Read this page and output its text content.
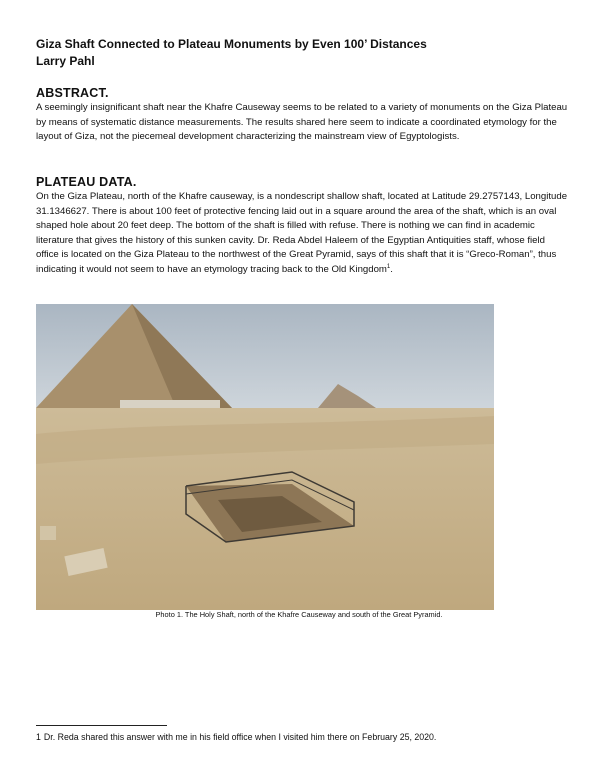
Giza Shaft Connected to Plateau Monuments by Even 100’ Distances
Larry Pahl
ABSTRACT.

A seemingly insignificant shaft near the Khafre Causeway seems to be related to a variety of monuments on the Giza Plateau by means of systematic distance measurements. The results shared here seem to indicate a coordinated etymology for the layout of Giza, not the piecemeal development characterizing the mainstream view of Egyptologists.

PLATEAU DATA.

On the Giza Plateau, north of the Khafre causeway, is a nondescript shallow shaft, located at Latitude 29.2757143, Longitude 31.1346627. There is about 100 feet of protective fencing laid out in a square around the area of the shaft, which is an oval shaped hole about 20 feet deep. The bottom of the shaft is filled with refuse. There is nothing we can find in academic literature that gives the history of this sunken cavity. Dr. Reda Abdel Haleem of the Egyptian Antiquities staff, whose field office is located on the Giza Plateau to the northwest of the Great Pyramid, says of this shaft that it is “Greco-Roman”, thus indicating it would not seem to have an etymology tracing back to the Old Kingdom$^1$.

Photo 1. The Holy Shaft, north of the Khafre Causeway and south of the Great Pyramid.
1 Dr. Reda shared this answer with me in his field office when I visited him there on February 25, 2020.
